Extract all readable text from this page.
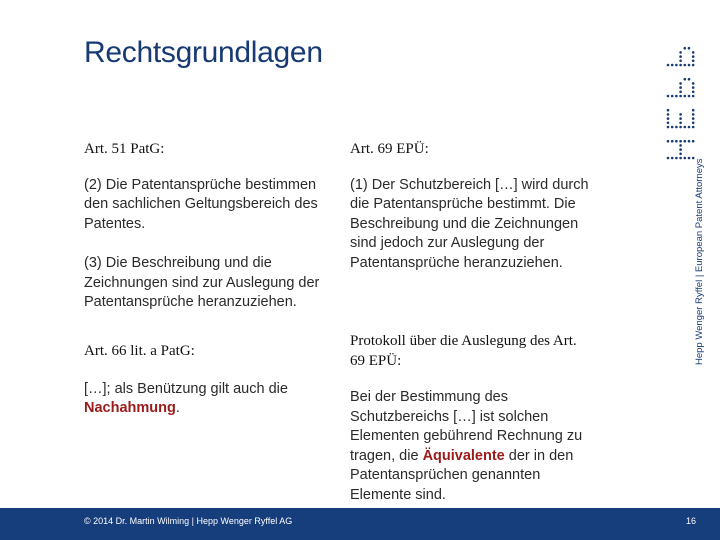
Rechtsgrundlagen

Art. 51 PatG:

(2) Die Patentansprüche bestimmen den sachlichen Geltungsbereich des Patentes.

(3) Die Beschreibung und die Zeichnungen sind zur Auslegung der Patentansprüche heranzuziehen.

Art. 66 lit. a PatG:

[…]; als Benützung gilt auch die Nachahmung.

Art. 69 EPÜ:

(1) Der Schutzbereich […] wird durch die Patentansprüche bestimmt. Die Beschreibung und die Zeichnungen sind jedoch zur Auslegung der Patentansprüche heranzuziehen.

Protokoll über die Auslegung des Art. 69 EPÜ:

Bei der Bestimmung des Schutzbereichs […] ist solchen Elementen gebührend Rechnung zu tragen, die Äquivalente der in den Patentansprüchen genannten Elemente sind.

Hepp Wenger Ryffel | European Patent Attorneys
© 2014 Dr. Martin Wilming | Hepp Wenger Ryffel AG	16
